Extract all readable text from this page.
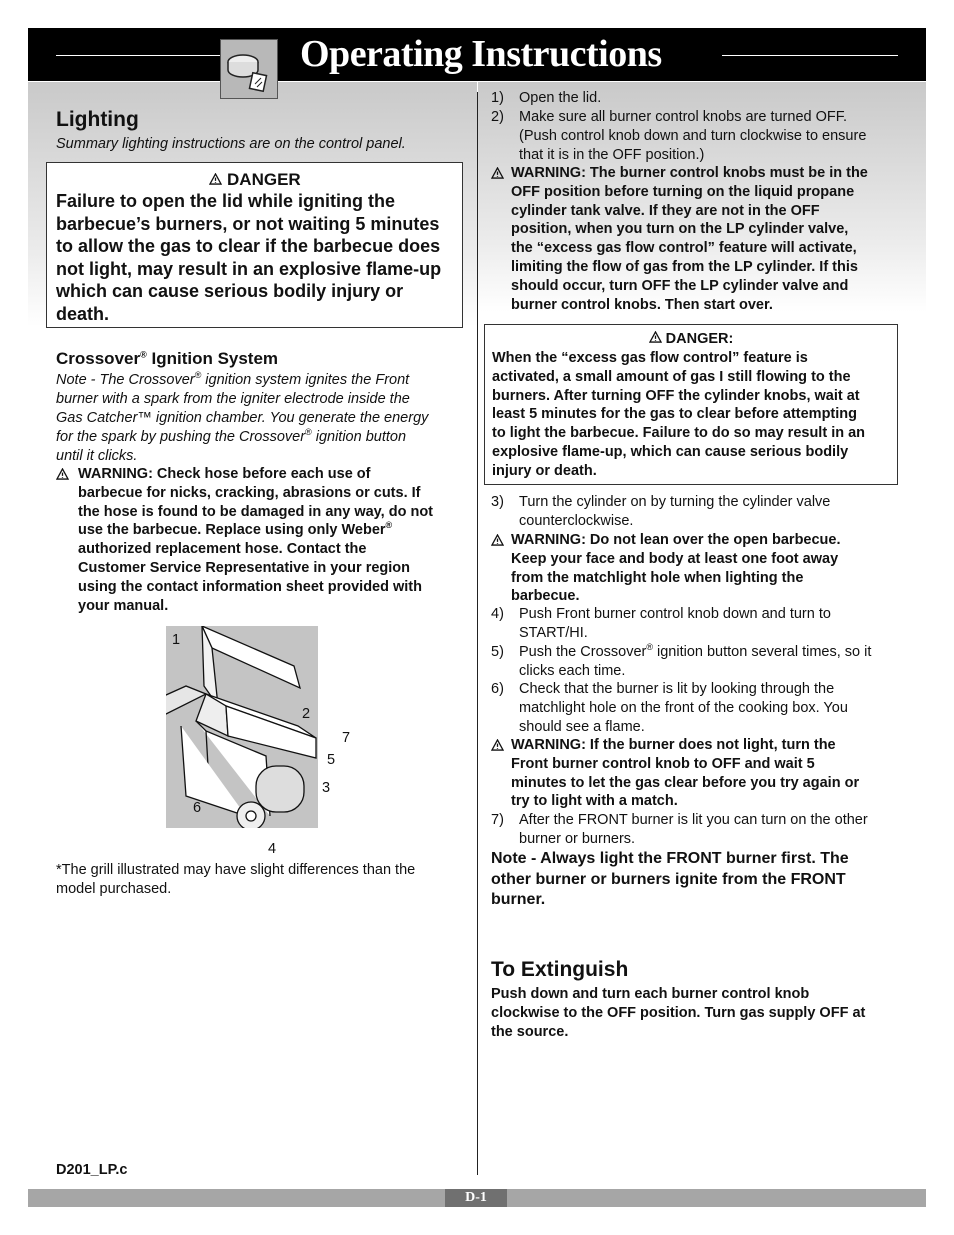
Operating Instructions
Lighting
Summary lighting instructions are on the control panel.
DANGER
Failure to open the lid while igniting the
barbecue’s burners, or not waiting 5 minutes
to allow the gas to clear if the barbecue does
not light, may result in an explosive flame-up
which can cause serious bodily injury or
death.
Crossover® Ignition System
Note - The Crossover® ignition system ignites the Front
burner with a spark from the igniter electrode inside the
Gas Catcher™ ignition chamber. You generate the energy
for the spark by pushing the Crossover® ignition button
until it clicks.
WARNING: Check hose before each use of
barbecue for nicks, cracking, abrasions or cuts. If
the hose is found to be damaged in any way, do not
use the barbecue. Replace using only Weber®
authorized replacement hose. Contact the
Customer Service Representative in your region
using the contact information sheet provided with
your manual.
1
2
7
5
3
6
4
*The grill illustrated may have slight differences than the
model purchased.
D201_LP.c
1) Open the lid.
2) Make sure all burner control knobs are turned OFF.
(Push control knob down and turn clockwise to ensure
that it is in the OFF position.)
WARNING: The burner control knobs must be in the
OFF position before turning on the liquid propane
cylinder tank valve. If they are not in the OFF
position, when you turn on the LP cylinder valve,
the “excess gas flow control” feature will activate,
limiting the flow of gas from the LP cylinder. If this
should occur, turn OFF the LP cylinder valve and
burner control knobs. Then start over.
DANGER:
When the “excess gas flow control” feature is
activated, a small amount of gas I still flowing to the
burners. After turning OFF the cylinder knobs, wait at
least 5 minutes for the gas to clear before attempting
to light the barbecue. Failure to do so may result in an
explosive flame-up, which can cause serious bodily
injury or death.
3) Turn the cylinder on by turning the cylinder valve
counterclockwise.
WARNING: Do not lean over the open barbecue.
Keep your face and body at least one foot away
from the matchlight hole when lighting the
barbecue.
4) Push Front burner control knob down and turn to
START/HI.
5) Push the Crossover® ignition button several times, so it
clicks each time.
6) Check that the burner is lit by looking through the
matchlight hole on the front of the cooking box. You
should see a flame.
WARNING: If the burner does not light, turn the
Front burner control knob to OFF and wait 5
minutes to let the gas clear before you try again or
try to light with a match.
7) After the FRONT burner is lit you can turn on the other
burner or burners.
Note - Always light the FRONT burner first. The
other burner or burners ignite from the FRONT
burner.
To Extinguish
Push down and turn each burner control knob
clockwise to the OFF position. Turn gas supply OFF at
the source.
D-1
